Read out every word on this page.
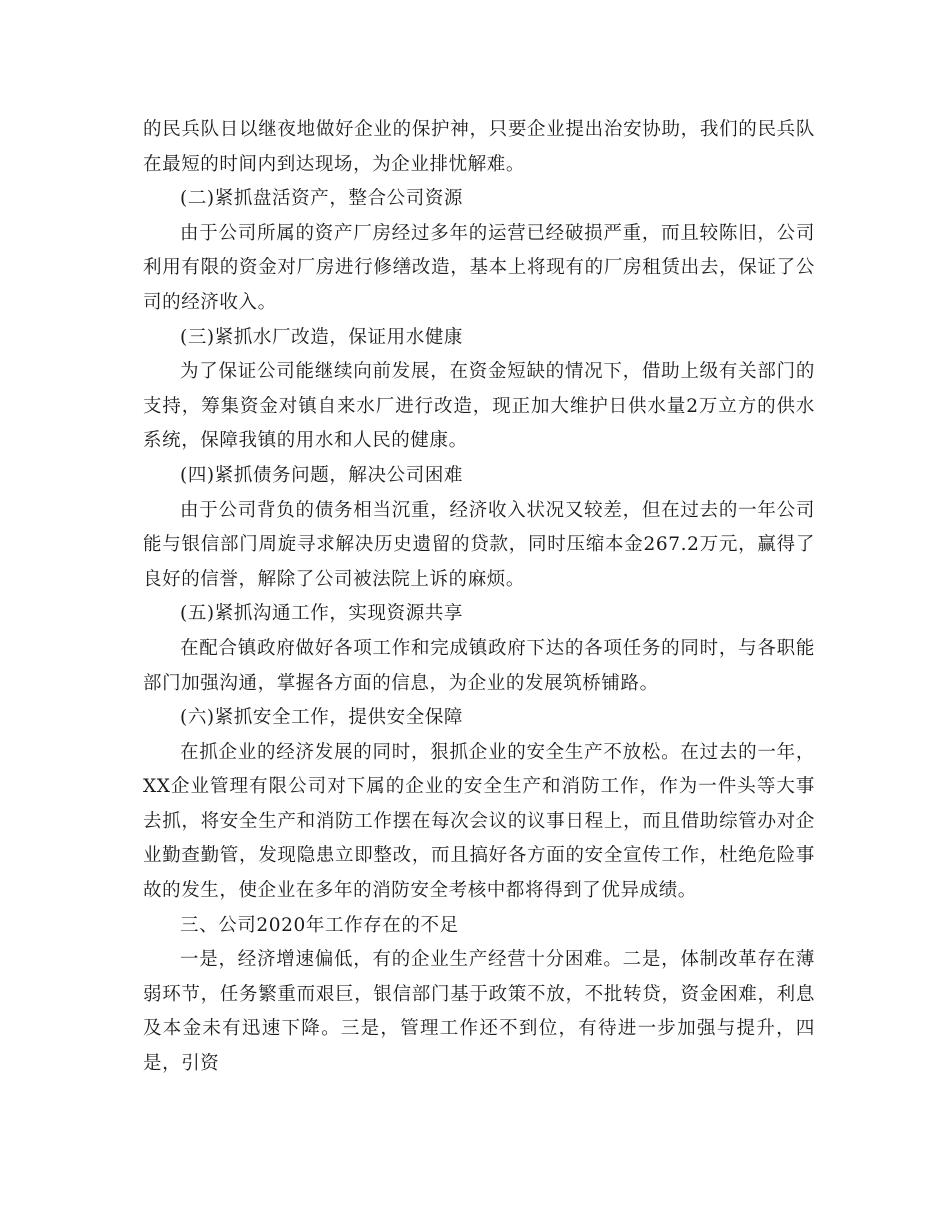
的民兵队日以继夜地做好企业的保护神，只要企业提出治安协助，我们的民兵队在最短的时间内到达现场，为企业排忧解难。

(二)紧抓盘活资产，整合公司资源

由于公司所属的资产厂房经过多年的运营已经破损严重，而且较陈旧，公司利用有限的资金对厂房进行修缮改造，基本上将现有的厂房租赁出去，保证了公司的经济收入。

(三)紧抓水厂改造，保证用水健康

为了保证公司能继续向前发展，在资金短缺的情况下，借助上级有关部门的支持，筹集资金对镇自来水厂进行改造，现正加大维护日供水量2万立方的供水系统，保障我镇的用水和人民的健康。

(四)紧抓债务问题，解决公司困难

由于公司背负的债务相当沉重，经济收入状况又较差，但在过去的一年公司能与银信部门周旋寻求解决历史遗留的贷款，同时压缩本金267.2万元，赢得了良好的信誉，解除了公司被法院上诉的麻烦。

(五)紧抓沟通工作，实现资源共享

在配合镇政府做好各项工作和完成镇政府下达的各项任务的同时，与各职能部门加强沟通，掌握各方面的信息，为企业的发展筑桥铺路。

(六)紧抓安全工作，提供安全保障

在抓企业的经济发展的同时，狠抓企业的安全生产不放松。在过去的一年，XX企业管理有限公司对下属的企业的安全生产和消防工作，作为一件头等大事去抓，将安全生产和消防工作摆在每次会议的议事日程上，而且借助综管办对企业勤查勤管，发现隐患立即整改，而且搞好各方面的安全宣传工作，杜绝危险事故的发生，使企业在多年的消防安全考核中都将得到了优异成绩。

三、公司2020年工作存在的不足

一是，经济增速偏低，有的企业生产经营十分困难。二是，体制改革存在薄弱环节，任务繁重而艰巨，银信部门基于政策不放，不批转贷，资金困难，利息及本金未有迅速下降。三是，管理工作还不到位，有待进一步加强与提升，四是，引资
